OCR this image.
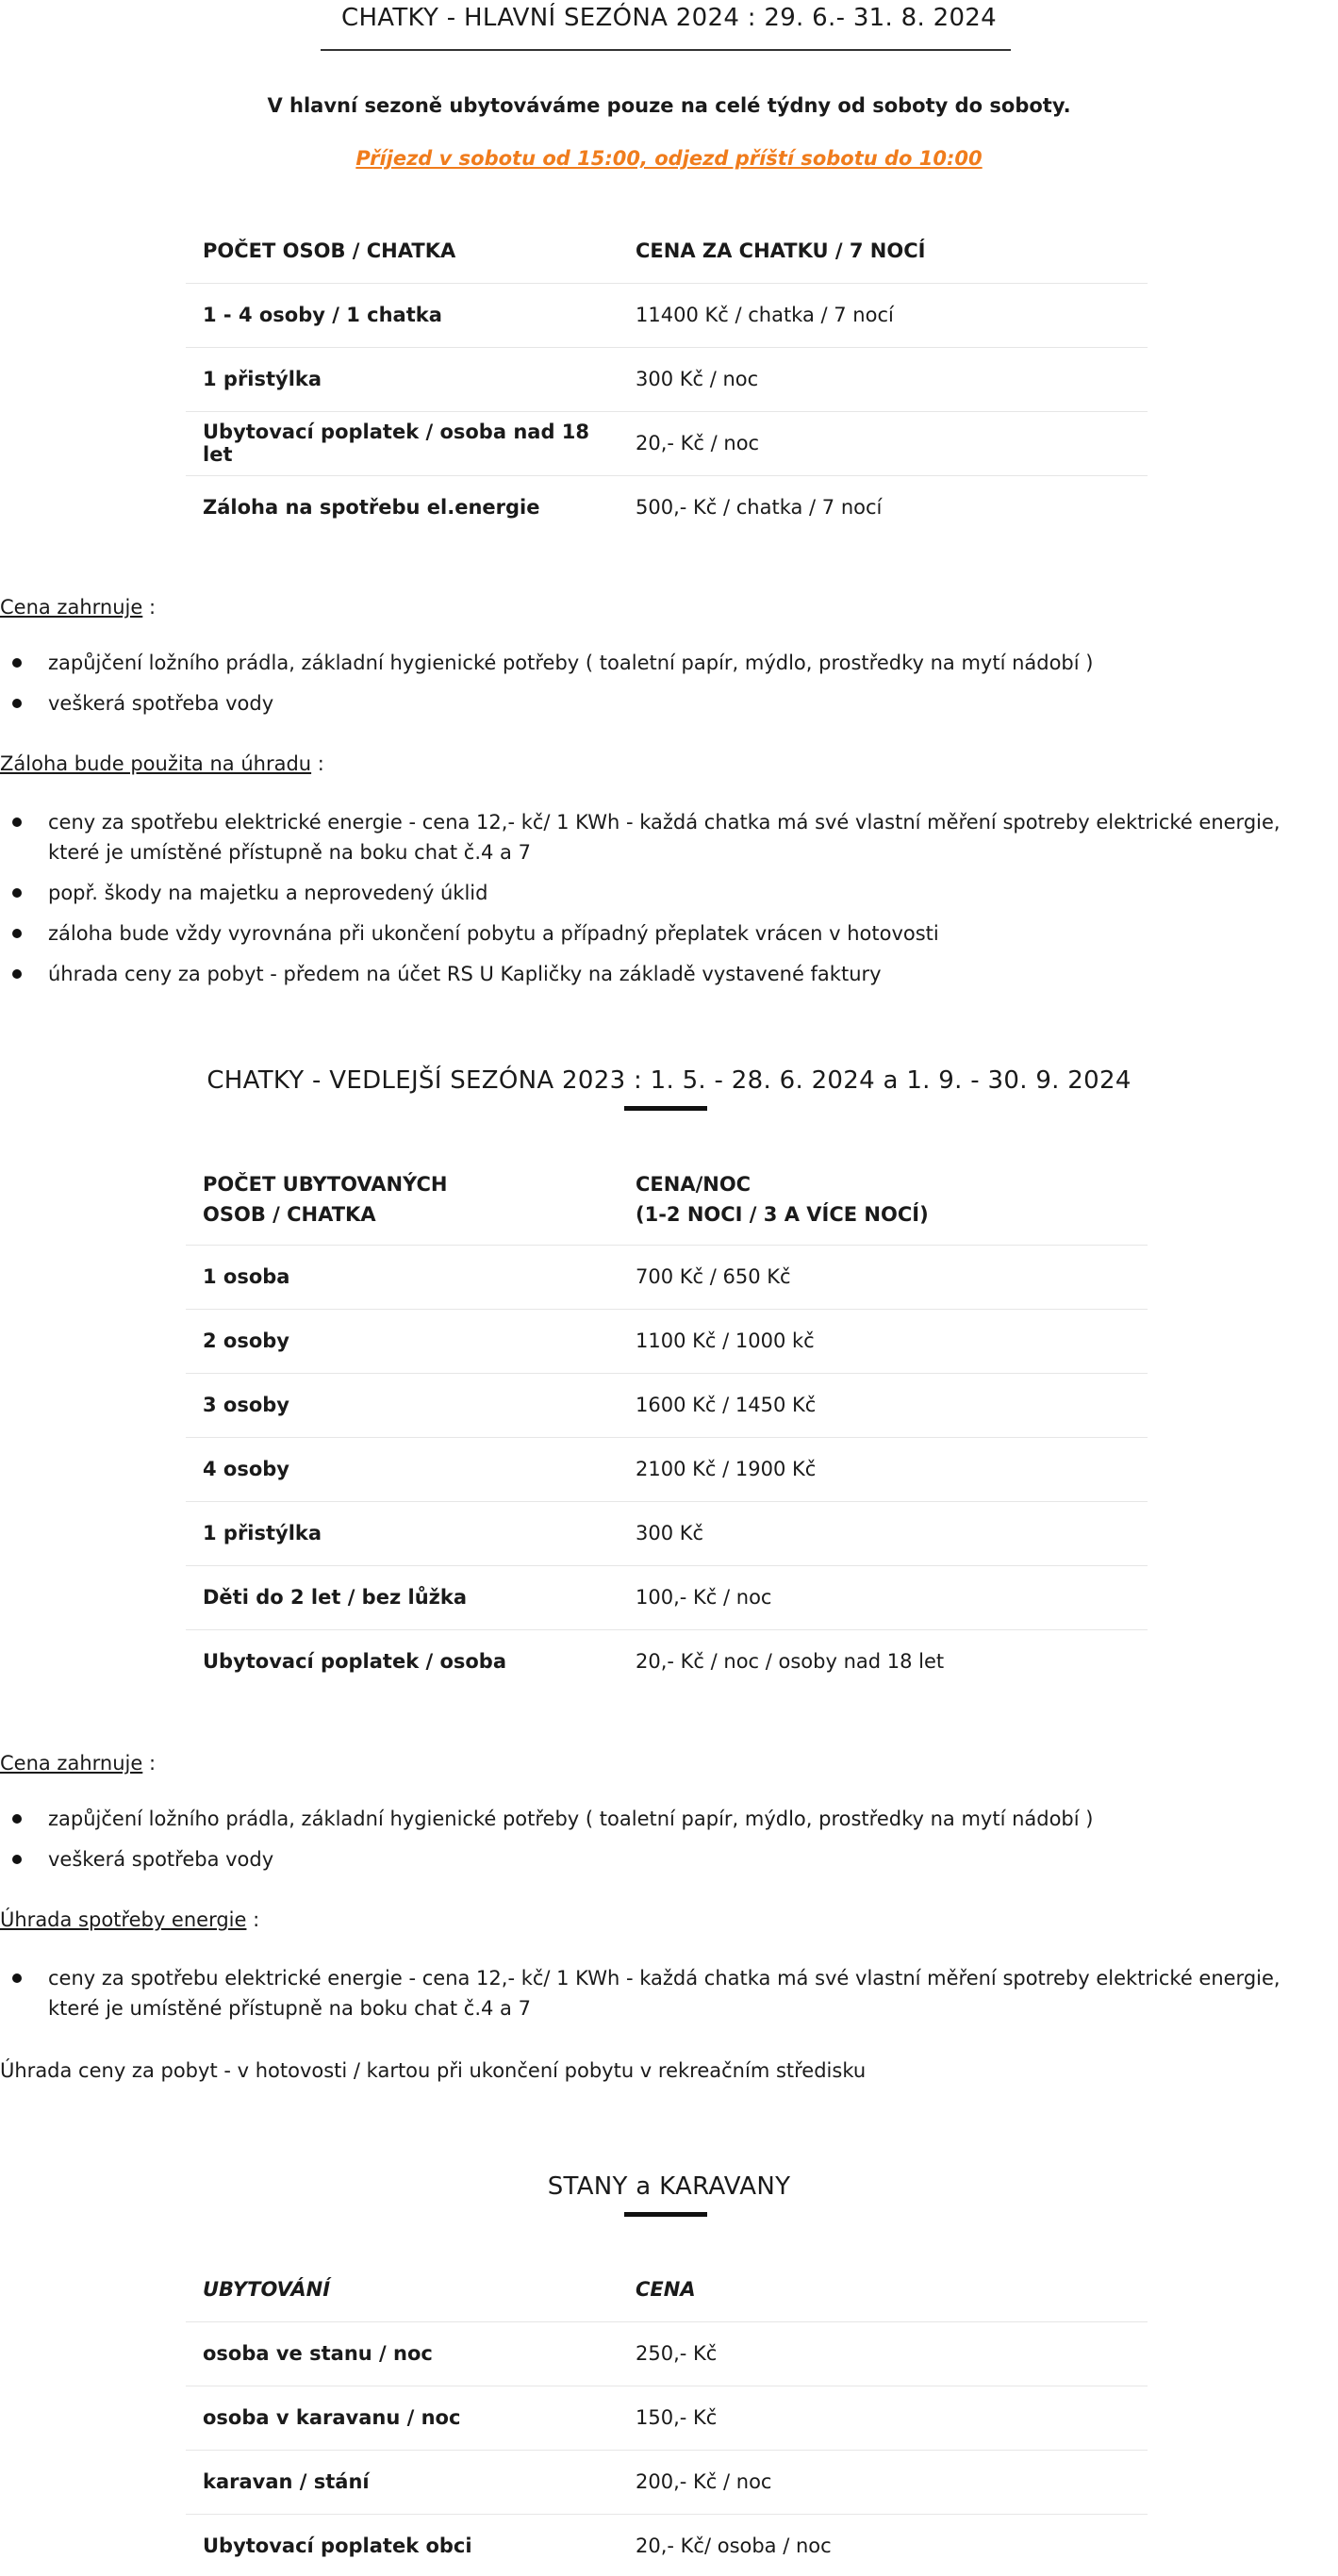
CHATKY - HLAVNÍ SEZÓNA 2024 : 29. 6.- 31. 8. 2024
V hlavní sezoně ubytováváme pouze na celé týdny od soboty do soboty.
Příjezd v sobotu od 15:00, odjezd příští sobotu do 10:00
POČET OSOB / CHATKA	CENA ZA CHATKU / 7 NOCÍ
1 - 4 osoby / 1 chatka	11400 Kč / chatka / 7 nocí
1 přistýlka	300 Kč / noc
Ubytovací poplatek / osoba nad 18 let	20,- Kč / noc
Záloha na spotřebu el.energie	500,- Kč / chatka / 7 nocí
Cena zahrnuje :
zapůjčení ložního prádla, základní hygienické potřeby ( toaletní papír, mýdlo, prostředky na mytí nádobí )
veškerá spotřeba vody
Záloha bude použita na úhradu :
ceny za spotřebu elektrické energie - cena 12,- kč/ 1 KWh - každá chatka má své vlastní měření spotreby elektrické energie, které je umístěné přístupně na boku chat č.4 a 7
popř. škody na majetku a neprovedený úklid
záloha bude vždy vyrovnána při ukončení pobytu a případný přeplatek vrácen v hotovosti
úhrada ceny za pobyt - předem na účet RS U Kapličky na základě vystavené faktury
CHATKY - VEDLEJŠÍ SEZÓNA 2023 : 1. 5. - 28. 6. 2024 a 1. 9. - 30. 9. 2024
POČET UBYTOVANÝCH
OSOB / CHATKA	CENA/NOC
(1-2 NOCI / 3 A VÍCE NOCÍ)

1 osoba	700 Kč / 650 Kč
2 osoby	1100 Kč / 1000 kč
3 osoby	1600 Kč / 1450 Kč
4 osoby	2100 Kč / 1900 Kč
1 přistýlka	300 Kč
Děti do 2 let / bez lůžka	100,- Kč / noc
Ubytovací poplatek / osoba	20,- Kč / noc / osoby nad 18 let
Cena zahrnuje :
zapůjčení ložního prádla, základní hygienické potřeby ( toaletní papír, mýdlo, prostředky na mytí nádobí )
veškerá spotřeba vody
Úhrada spotřeby energie :
ceny za spotřebu elektrické energie - cena 12,- kč/ 1 KWh - každá chatka má své vlastní měření spotreby elektrické energie, které je umístěné přístupně na boku chat č.4 a 7
Úhrada ceny za pobyt - v hotovosti / kartou při ukončení pobytu v rekreačním středisku
STANY a KARAVANY
UBYTOVÁNÍ	CENA
osoba ve stanu / noc	250,- Kč
osoba v karavanu / noc	150,- Kč
karavan / stání	200,- Kč / noc
Ubytovací poplatek obci	20,- Kč/ osoba / noc
